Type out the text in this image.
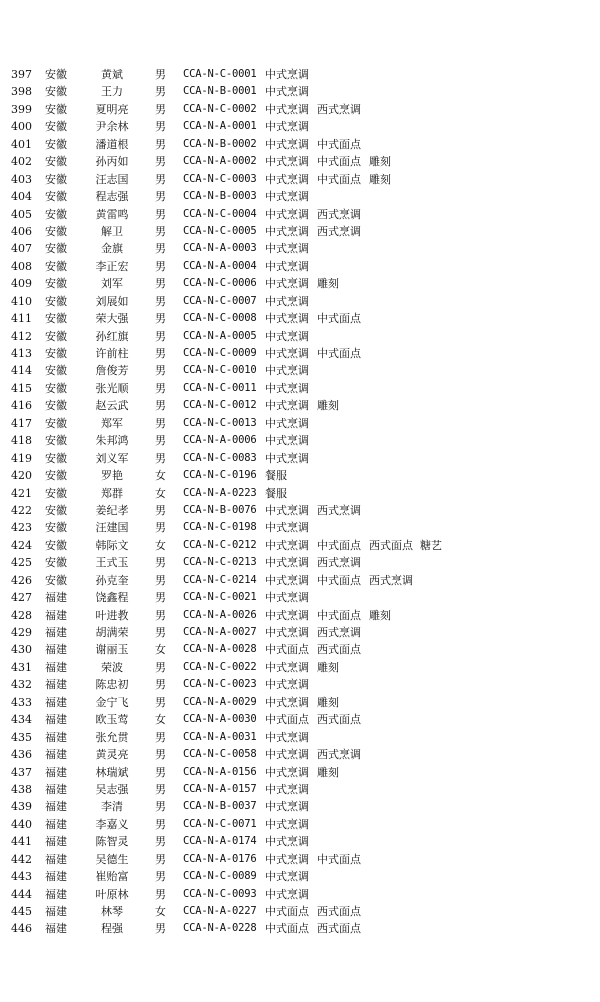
397 安徽	黄斌	男 CCA-N-C-0001 中式烹调
398 安徽	王力	男 CCA-N-B-0001 中式烹调
399 安徽	夏明亮	男 CCA-N-C-0002 中式烹调 西式烹调
400 安徽	尹余林	男 CCA-N-A-0001 中式烹调
401 安徽	潘道根	男 CCA-N-B-0002 中式烹调 中式面点
402 安徽	孙丙如	男 CCA-N-A-0002 中式烹调 中式面点 雕刻
403 安徽	汪志国	男 CCA-N-C-0003 中式烹调 中式面点 雕刻
404 安徽	程志强	男 CCA-N-B-0003 中式烹调
405 安徽	黄雷鸣	男 CCA-N-C-0004 中式烹调 西式烹调
406 安徽	解卫	男 CCA-N-C-0005 中式烹调 西式烹调
407 安徽	金旗	男 CCA-N-A-0003 中式烹调
408 安徽	李正宏	男 CCA-N-A-0004 中式烹调
409 安徽	刘军	男 CCA-N-C-0006 中式烹调 雕刻
410 安徽	刘展如	男 CCA-N-C-0007 中式烹调
411 安徽	荣大强	男 CCA-N-C-0008 中式烹调 中式面点
412 安徽	孙红旗	男 CCA-N-A-0005 中式烹调
413 安徽	许前柱	男 CCA-N-C-0009 中式烹调 中式面点
414 安徽	詹俊芳	男 CCA-N-C-0010 中式烹调
415 安徽	张光顺	男 CCA-N-C-0011 中式烹调
416 安徽	赵云武	男 CCA-N-C-0012 中式烹调 雕刻
417 安徽	郑军	男 CCA-N-C-0013 中式烹调
418 安徽	朱邦鸿	男 CCA-N-A-0006 中式烹调
419 安徽	刘义军	男 CCA-N-C-0083 中式烹调
420 安徽	罗艳	女 CCA-N-C-0196 餐服
421 安徽	郑群	女 CCA-N-A-0223 餐服
422 安徽	姜纪孝	男 CCA-N-B-0076 中式烹调 西式烹调
423 安徽	汪建国	男 CCA-N-C-0198 中式烹调
424 安徽	韩际文	女 CCA-N-C-0212 中式烹调 中式面点 西式面点 糖艺
425 安徽	王式玉	男 CCA-N-C-0213 中式烹调 西式烹调
426 安徽	孙克奎	男 CCA-N-C-0214 中式烹调 中式面点 西式烹调
427 福建	饶鑫程	男 CCA-N-C-0021 中式烹调
428 福建	叶进教	男 CCA-N-A-0026 中式烹调 中式面点 雕刻
429 福建	胡满荣	男 CCA-N-A-0027 中式烹调 西式烹调
430 福建	谢丽玉	女 CCA-N-A-0028 中式面点 西式面点
431 福建	荣波	男 CCA-N-C-0022 中式烹调 雕刻
432 福建	陈忠初	男 CCA-N-C-0023 中式烹调
433 福建	金宁飞	男 CCA-N-A-0029 中式烹调 雕刻
434 福建	欧玉莺	女 CCA-N-A-0030 中式面点 西式面点
435 福建	张允贯	男 CCA-N-A-0031 中式烹调
436 福建	黄灵亮	男 CCA-N-C-0058 中式烹调 西式烹调
437 福建	林瑞斌	男 CCA-N-A-0156 中式烹调 雕刻
438 福建	吴志强	男 CCA-N-A-0157 中式烹调
439 福建	李清	男 CCA-N-B-0037 中式烹调
440 福建	李嘉义	男 CCA-N-C-0071 中式烹调
441 福建	陈智灵	男 CCA-N-A-0174 中式烹调
442 福建	吴德生	男 CCA-N-A-0176 中式烹调 中式面点
443 福建	崔贻富	男 CCA-N-C-0089 中式烹调
444 福建	叶原林	男 CCA-N-C-0093 中式烹调
445 福建	林琴	女 CCA-N-A-0227 中式面点 西式面点
446 福建	程强	男 CCA-N-A-0228 中式面点 西式面点
